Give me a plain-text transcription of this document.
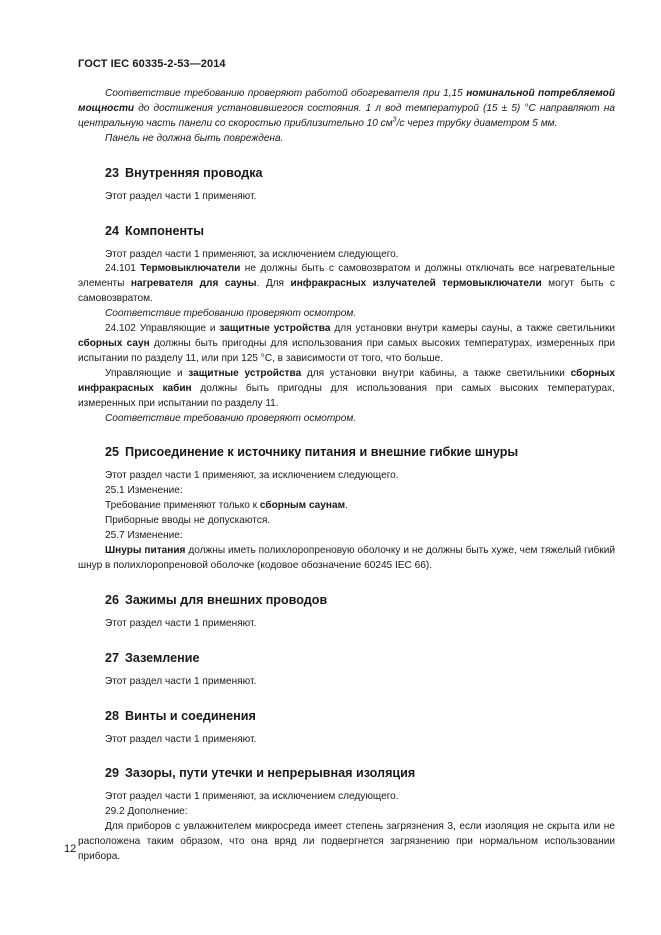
ГОСТ IEC 60335-2-53—2014

Соответствие требованию проверяют работой обогревателя при 1,15 номинальной потребляемой мощности до достижения установившегося состояния. 1 л вод температурой (15 ± 5) °С направляют на центральную часть панели со скоростью приблизительно 10 $см^3/с$ через трубку диаметром 5 мм.

Панель не должна быть повреждена.

23 Внутренняя проводка

Этот раздел части 1 применяют.

24 Компоненты

Этот раздел части 1 применяют, за исключением следующего.

24.101 Термовыключатели не должны быть с самовозвратом и должны отключать все нагревательные элементы нагревателя для сауны. Для инфракрасных излучателей термовыключатели могут быть с самовозвратом.

Соответствие требованию проверяют осмотром.

24.102 Управляющие и защитные устройства для установки внутри камеры сауны, а также светильники сборных саун должны быть пригодны для использования при самых высоких температурах, измеренных при испытании по разделу 11, или при 125 °С, в зависимости от того, что больше.

Управляющие и защитные устройства для установки внутри кабины, а также светильники сборных инфракрасных кабин должны быть пригодны для использования при самых высоких температурах, измеренных при испытании по разделу 11.

Соответствие требованию проверяют осмотром.

25 Присоединение к источнику питания и внешние гибкие шнуры

Этот раздел части 1 применяют, за исключением следующего.

25.1 Изменение:

Требование применяют только к сборным саунам.

Приборные вводы не допускаются.

25.7 Изменение:

Шнуры питания должны иметь полихлоропреновую оболочку и не должны быть хуже, чем тяжелый гибкий шнур в полихлоропреновой оболочке (кодовое обозначение 60245 IEC 66).

26 Зажимы для внешних проводов

Этот раздел части 1 применяют.

27 Заземление

Этот раздел части 1 применяют.

28 Винты и соединения

Этот раздел части 1 применяют.

29 Зазоры, пути утечки и непрерывная изоляция

Этот раздел части 1 применяют, за исключением следующего.

29.2 Дополнение:

Для приборов с увлажнителем микросреда имеет степень загрязнения 3, если изоляция не скрыта или не расположена таким образом, что она вряд ли подвергнется загрязнению при нормальном использовании прибора.

12
